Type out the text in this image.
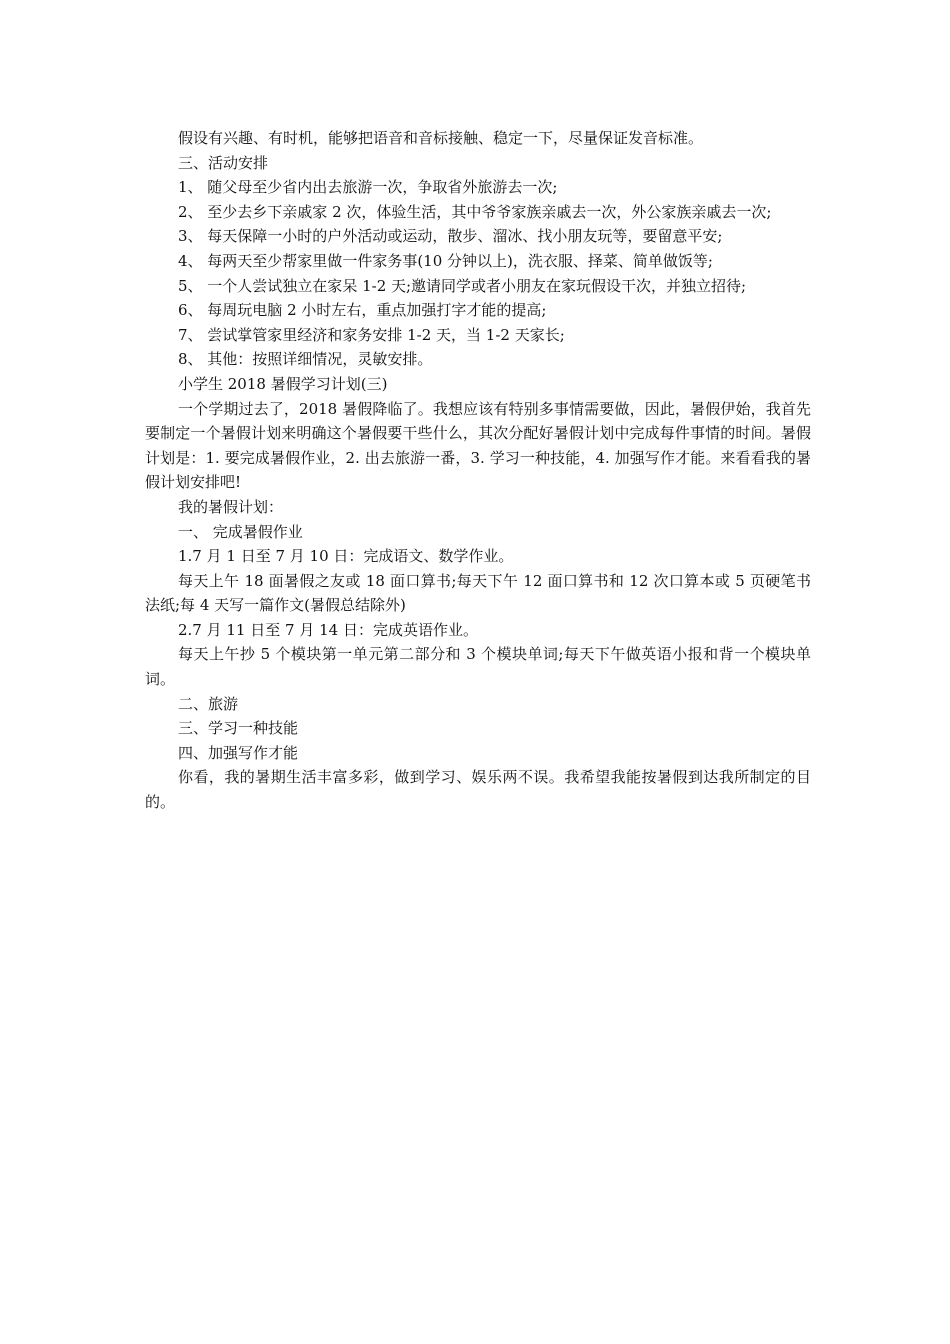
假设有兴趣、有时机，能够把语音和音标接触、稳定一下，尽量保证发音标准。

三、活动安排

1、 随父母至少省内出去旅游一次，争取省外旅游去一次;

2、 至少去乡下亲戚家 2 次，体验生活，其中爷爷家族亲戚去一次，外公家族亲戚去一次;

3、 每天保障一小时的户外活动或运动，散步、溜冰、找小朋友玩等，要留意平安;

4、 每两天至少帮家里做一件家务事(10 分钟以上)，洗衣服、择菜、简单做饭等;

5、 一个人尝试独立在家呆 1-2 天;邀请同学或者小朋友在家玩假设干次，并独立招待;

6、 每周玩电脑 2 小时左右，重点加强打字才能的提高;

7、 尝试掌管家里经济和家务安排 1-2 天，当 1-2 天家长;

8、 其他：按照详细情况，灵敏安排。

小学生 2018 暑假学习计划(三)

一个学期过去了，2018 暑假降临了。我想应该有特别多事情需要做，因此，暑假伊始，我首先要制定一个暑假计划来明确这个暑假要干些什么，其次分配好暑假计划中完成每件事情的时间。暑假计划是：1. 要完成暑假作业，2. 出去旅游一番，3. 学习一种技能，4. 加强写作才能。来看看我的暑假计划安排吧!

我的暑假计划：

一、 完成暑假作业

1.7 月 1 日至 7 月 10 日：完成语文、数学作业。

每天上午 18 面暑假之友或 18 面口算书;每天下午 12 面口算书和 12 次口算本或 5 页硬笔书法纸;每 4 天写一篇作文(暑假总结除外)

2.7 月 11 日至 7 月 14 日：完成英语作业。

每天上午抄 5 个模块第一单元第二部分和 3 个模块单词;每天下午做英语小报和背一个模块单词。

二、旅游

三、学习一种技能

四、加强写作才能

你看，我的暑期生活丰富多彩，做到学习、娱乐两不误。我希望我能按暑假到达我所制定的目的。
